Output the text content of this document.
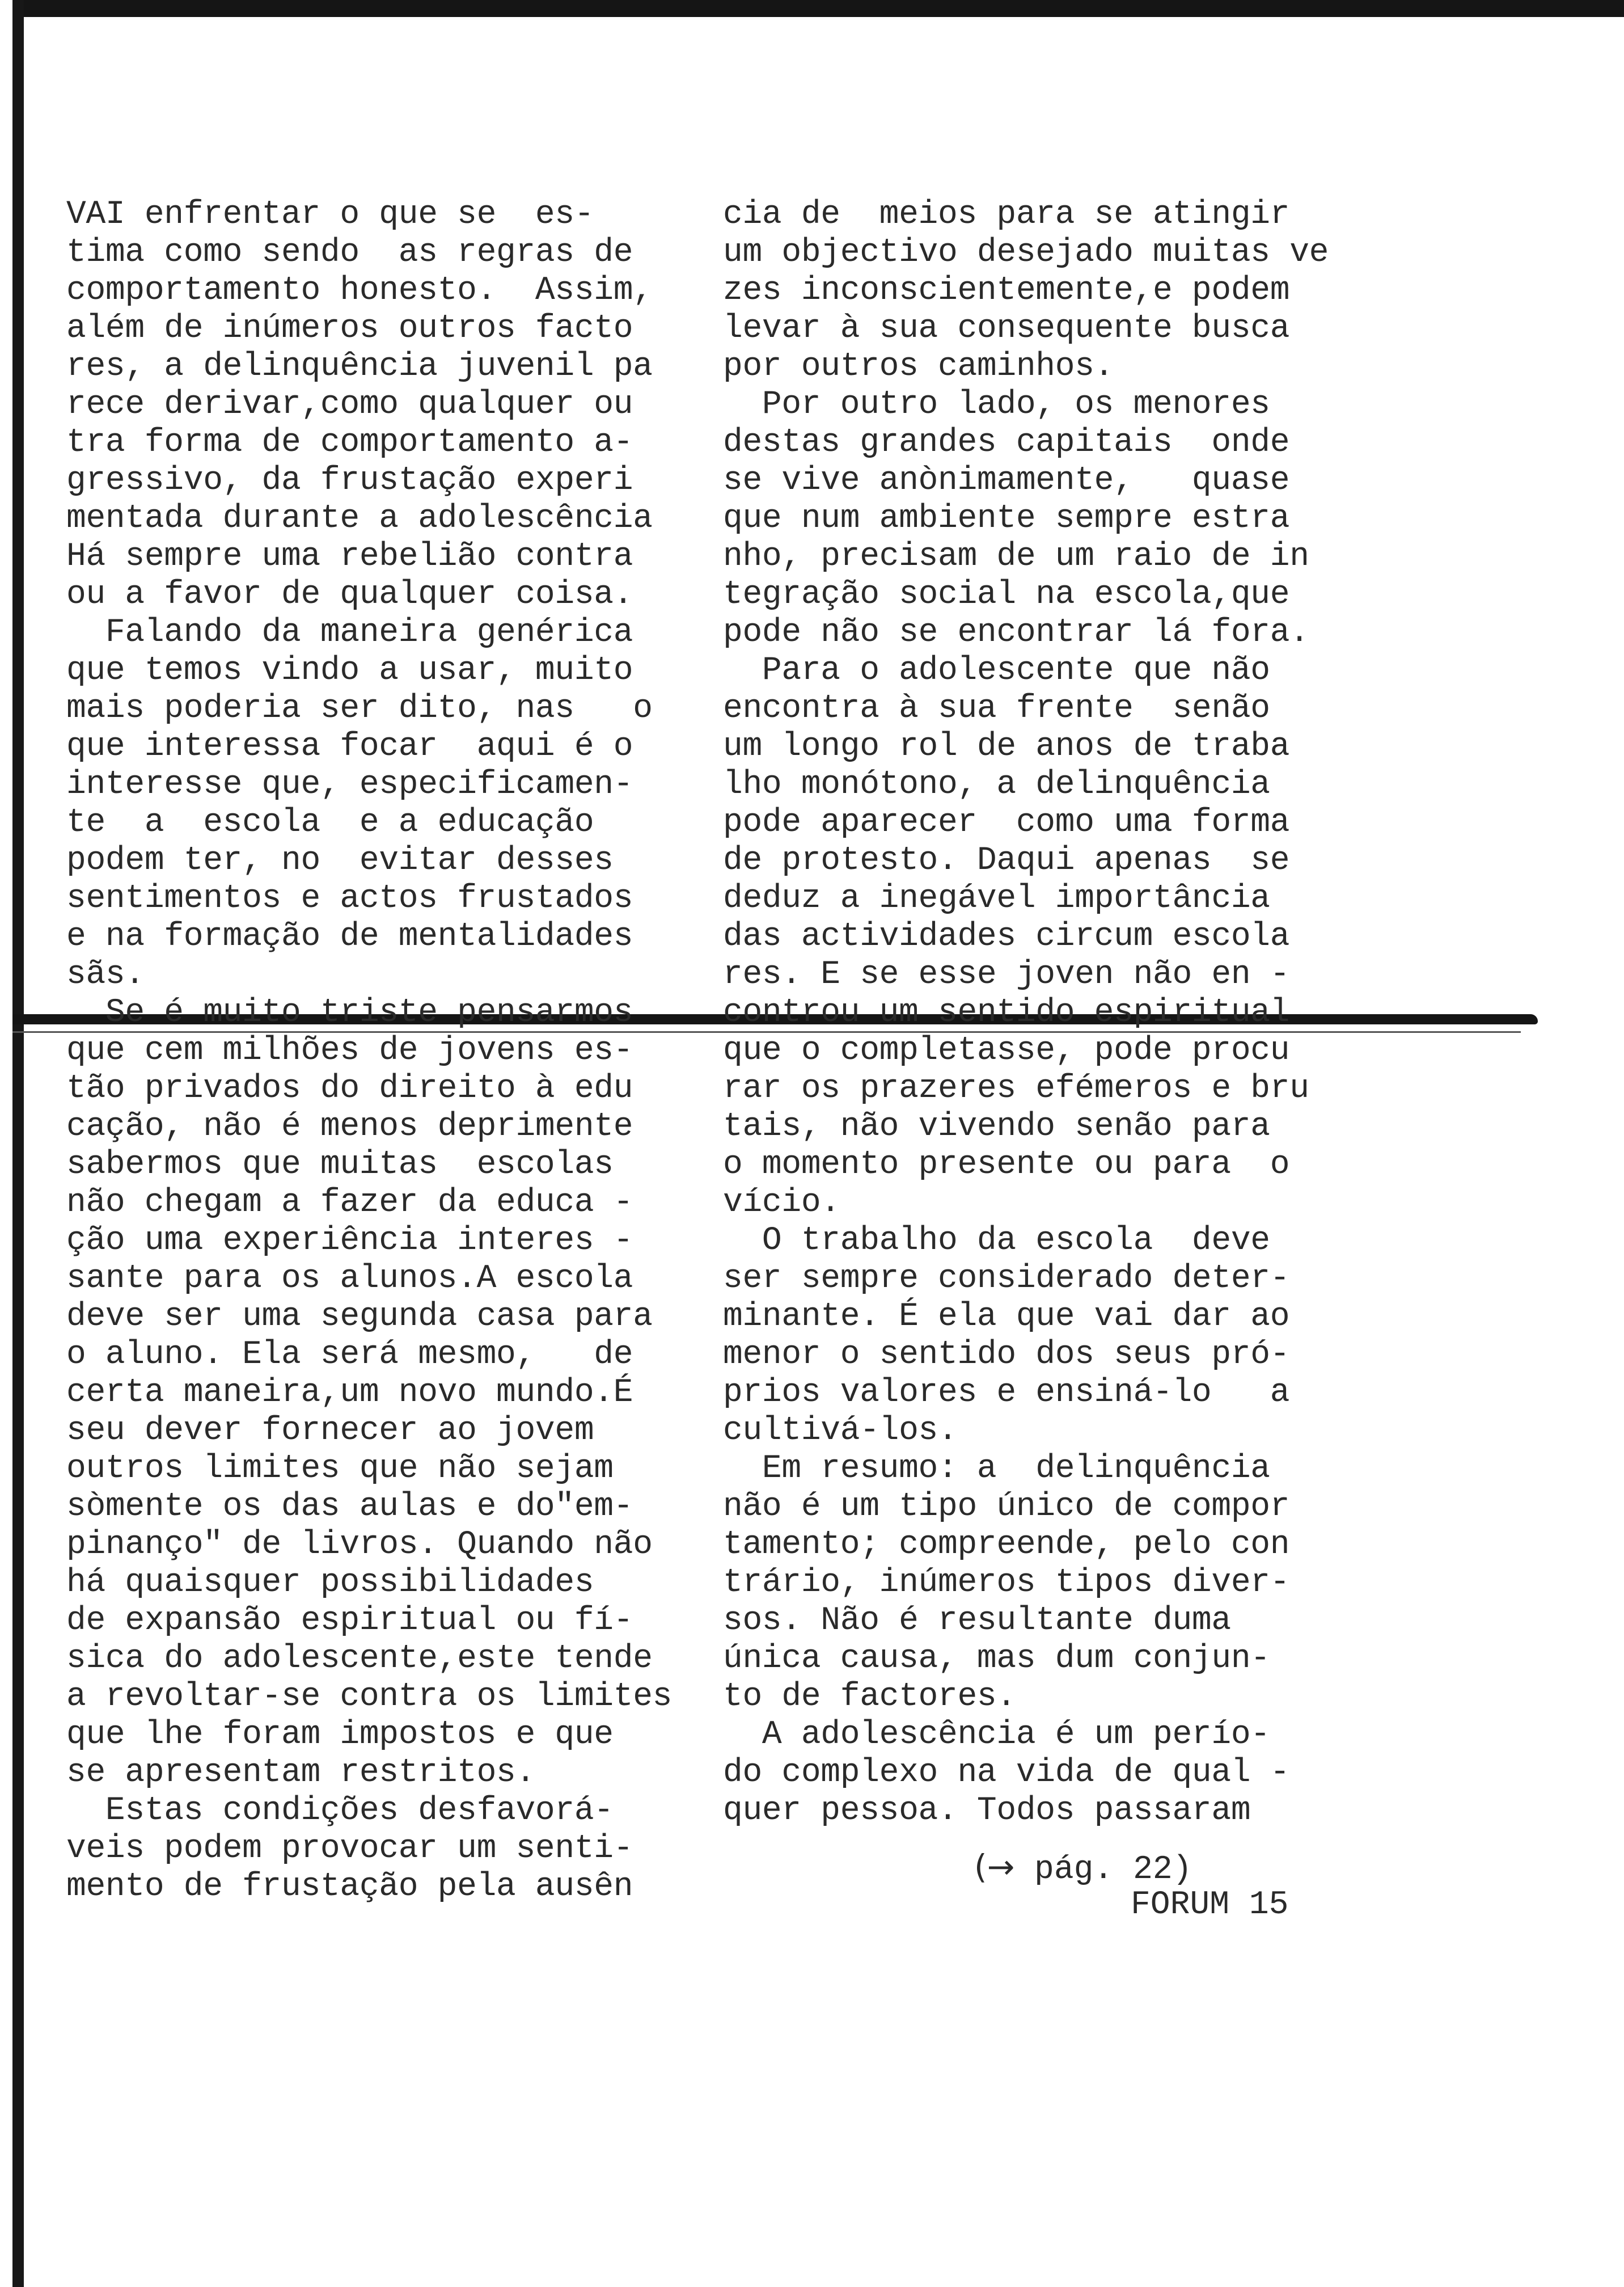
VAI enfrentar o que se  es-
tima como sendo  as regras de
comportamento honesto.  Assim,
além de inúmeros outros facto
res, a delinquência juvenil pa
rece derivar,como qualquer ou
tra forma de comportamento a-
gressivo, da frustação experi
mentada durante a adolescência
Há sempre uma rebelião contra
ou a favor de qualquer coisa.
Falando da maneira genérica
que temos vindo a usar, muito
mais poderia ser dito, nas   o
que interessa focar  aqui é o
interesse que, especificamen-
te  a  escola  e a educação
podem ter, no  evitar desses
sentimentos e actos frustados
e na formação de mentalidades
sãs.
Se é muito triste pensarmos
que cem milhões de jovens es-
tão privados do direito à edu
cação, não é menos deprimente
sabermos que muitas  escolas
não chegam a fazer da educa -
ção uma experiência interes -
sante para os alunos.A escola
deve ser uma segunda casa para
o aluno. Ela será mesmo,   de
certa maneira,um novo mundo.É
seu dever fornecer ao jovem
outros limites que não sejam
sòmente os das aulas e do"em-
pinanço" de livros. Quando não
há quaisquer possibilidades
de expansão espiritual ou fí-
sica do adolescente,este tende
a revoltar-se contra os limites
que lhe foram impostos e que
se apresentam restritos.
Estas condições desfavorá-
veis podem provocar um senti-
mento de frustação pela ausên
cia de  meios para se atingir
um objectivo desejado muitas ve
zes inconscientemente,e podem
levar à sua consequente busca
por outros caminhos.
Por outro lado, os menores
destas grandes capitais  onde
se vive anònimamente,   quase
que num ambiente sempre estra
nho, precisam de um raio de in
tegração social na escola,que
pode não se encontrar lá fora.
Para o adolescente que não
encontra à sua frente  senão
um longo rol de anos de traba
lho monótono, a delinquência
pode aparecer  como uma forma
de protesto. Daqui apenas  se
deduz a inegável importância
das actividades circum escola
res. E se esse joven não en -
controu um sentido espiritual
que o completasse, pode procu
rar os prazeres efémeros e bru
tais, não vivendo senão para
o momento presente ou para  o
vício.
O trabalho da escola  deve
ser sempre considerado deter-
minante. É ela que vai dar ao
menor o sentido dos seus pró-
prios valores e ensiná-lo   a
cultivá-los.
Em resumo: a  delinquência
não é um tipo único de compor
tamento; compreende, pelo con
trário, inúmeros tipos diver-
sos. Não é resultante duma
única causa, mas dum conjun-
to de factores.
A adolescência é um perío-
do complexo na vida de qual -
quer pessoa. Todos passaram
(→ pág. 22)
FORUM 15
